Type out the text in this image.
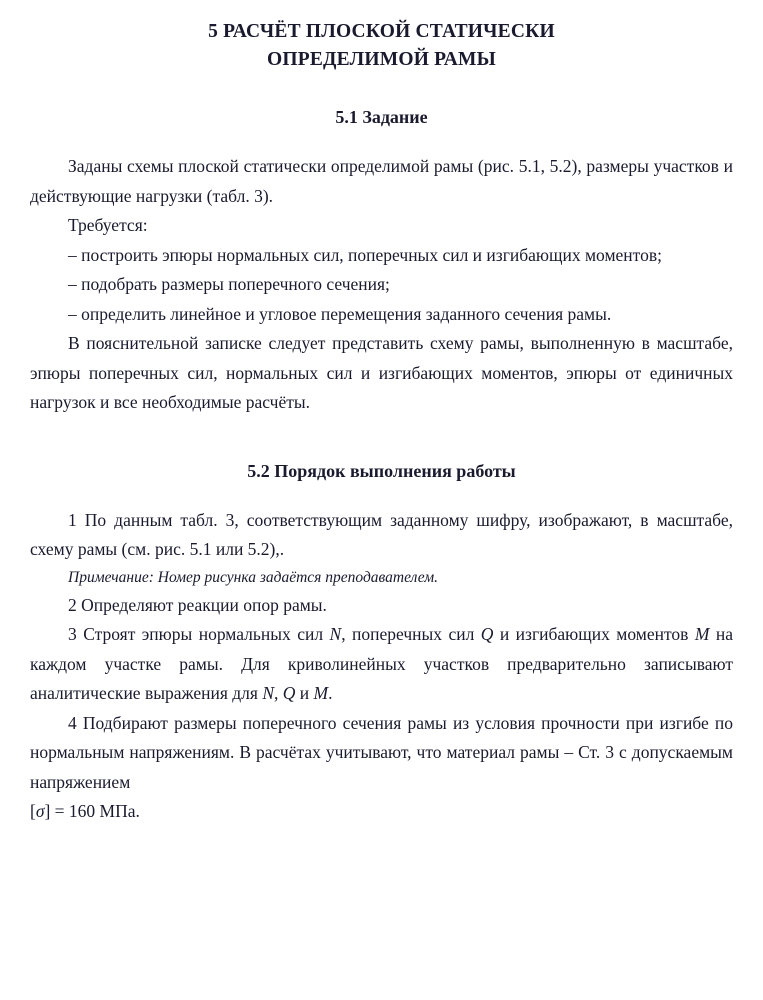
5 РАСЧЁТ ПЛОСКОЙ СТАТИЧЕСКИ
ОПРЕДЕЛИМОЙ РАМЫ
5.1 Задание

Заданы схемы плоской статически определимой рамы (рис. 5.1, 5.2), размеры участков и действующие нагрузки (табл. 3).

Требуется:

– построить эпюры нормальных сил, поперечных сил и изгибающих моментов;

– подобрать размеры поперечного сечения;

– определить линейное и угловое перемещения заданного сечения рамы.

В пояснительной записке следует представить схему рамы, выполненную в масштабе, эпюры поперечных сил, нормальных сил и изгибающих моментов, эпюры от единичных нагрузок и все необходимые расчёты.

5.2 Порядок выполнения работы

1 По данным табл. 3, соответствующим заданному шифру, изображают, в масштабе, схему рамы (см. рис. 5.1 или 5.2),.

Примечание: Номер рисунка задаётся преподавателем.

2 Определяют реакции опор рамы.

3 Строят эпюры нормальных сил N, поперечных сил Q и изгибающих моментов M на каждом участке рамы. Для криволинейных участков предварительно записывают аналитические выражения для N, Q и M.

4 Подбирают размеры поперечного сечения рамы из условия прочности при изгибе по нормальным напряжениям. В расчётах учитывают, что материал рамы – Ст. 3 с допускаемым напряжением

[σ] = 160 МПа.
